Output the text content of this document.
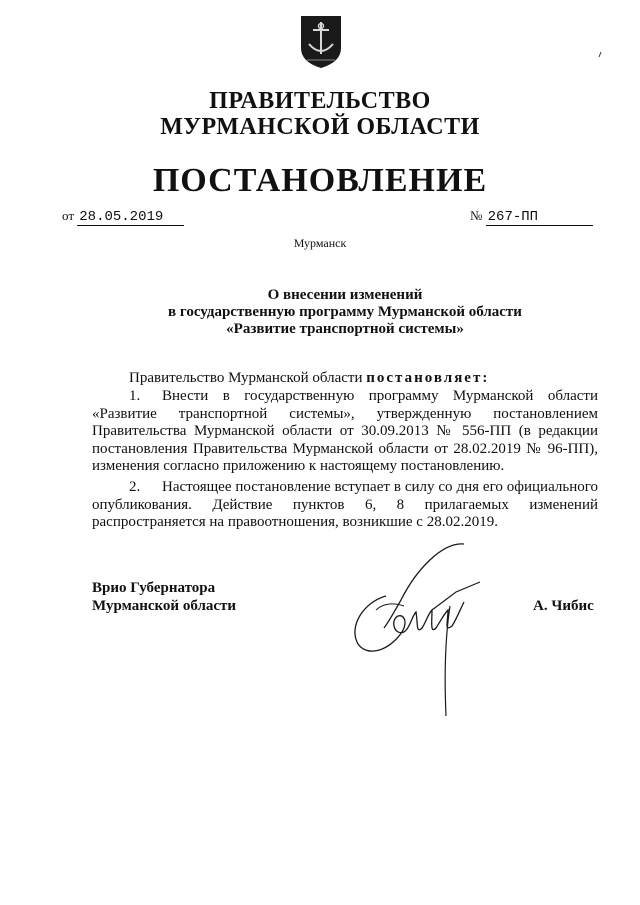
ПРАВИТЕЛЬСТВО
МУРМАНСКОЙ ОБЛАСТИ
ПОСТАНОВЛЕНИЕ
от 28.05.2019	№ 267-ПП
Мурманск
О внесении изменений
в государственную программу Мурманской области
«Развитие транспортной системы»
Правительство Мурманской области постановляет:
1. Внести в государственную программу Мурманской области «Развитие транспортной системы», утвержденную постановлением Правительства Мурманской области от 30.09.2013 № 556-ПП (в редакции постановления Правительства Мурманской области от 28.02.2019 № 96-ПП), изменения согласно приложению к настоящему постановлению.
2. Настоящее постановление вступает в силу со дня его официального опубликования. Действие пунктов 6, 8 прилагаемых изменений распространяется на правоотношения, возникшие с 28.02.2019.
Врио Губернатора
Мурманской области	А. Чибис
